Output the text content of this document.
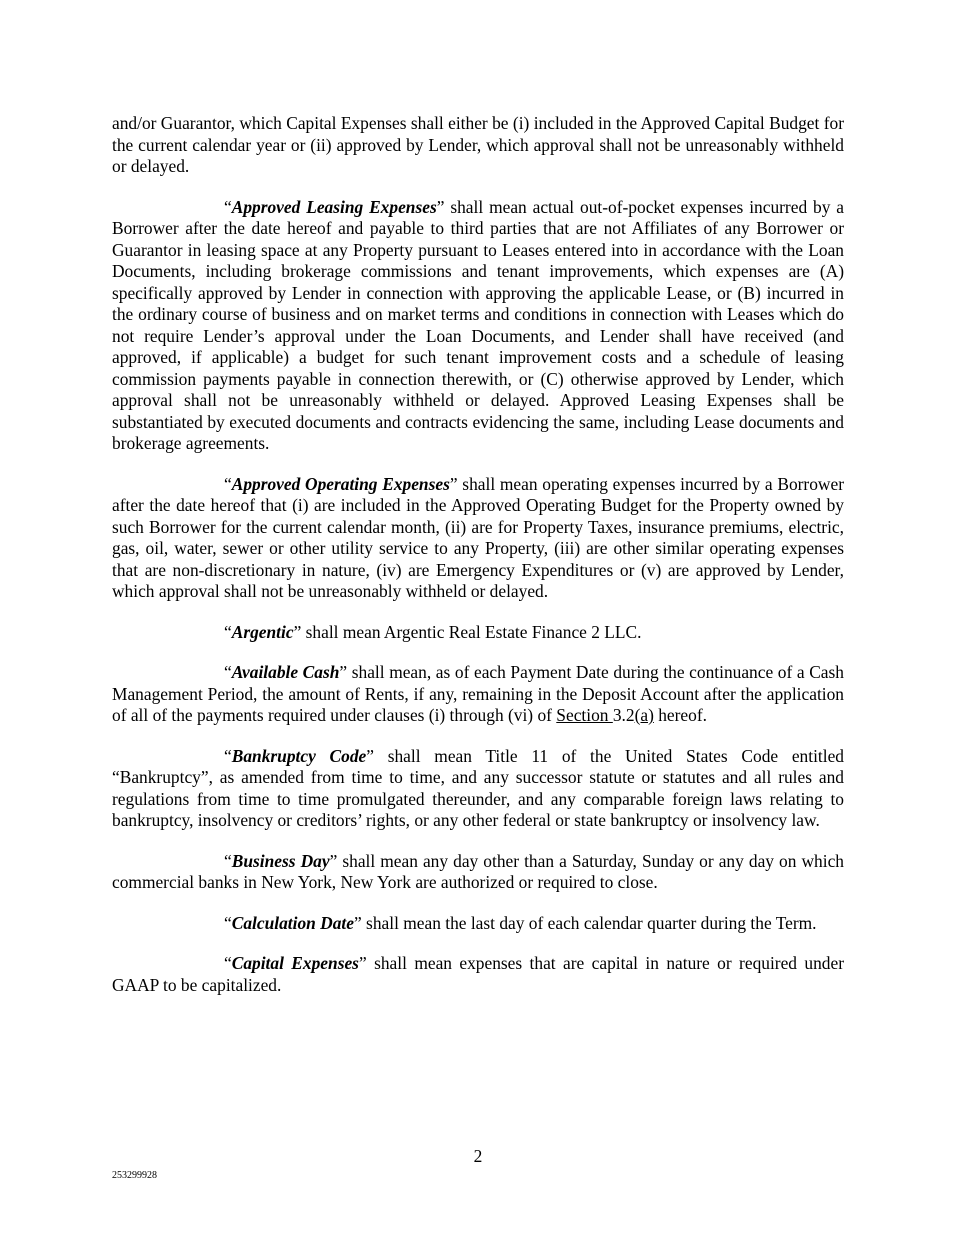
and/or Guarantor, which Capital Expenses shall either be (i) included in the Approved Capital Budget for the current calendar year or (ii) approved by Lender, which approval shall not be unreasonably withheld or delayed.

“Approved Leasing Expenses” shall mean actual out-of-pocket expenses incurred by a Borrower after the date hereof and payable to third parties that are not Affiliates of any Borrower or Guarantor in leasing space at any Property pursuant to Leases entered into in accordance with the Loan Documents, including brokerage commissions and tenant improvements, which expenses are (A) specifically approved by Lender in connection with approving the applicable Lease, or (B) incurred in the ordinary course of business and on market terms and conditions in connection with Leases which do not require Lender’s approval under the Loan Documents, and Lender shall have received (and approved, if applicable) a budget for such tenant improvement costs and a schedule of leasing commission payments payable in connection therewith, or (C) otherwise approved by Lender, which approval shall not be unreasonably withheld or delayed. Approved Leasing Expenses shall be substantiated by executed documents and contracts evidencing the same, including Lease documents and brokerage agreements.

“Approved Operating Expenses” shall mean operating expenses incurred by a Borrower after the date hereof that (i) are included in the Approved Operating Budget for the Property owned by such Borrower for the current calendar month, (ii) are for Property Taxes, insurance premiums, electric, gas, oil, water, sewer or other utility service to any Property, (iii) are other similar operating expenses that are non-discretionary in nature, (iv) are Emergency Expenditures or (v) are approved by Lender, which approval shall not be unreasonably withheld or delayed.

“Argentic” shall mean Argentic Real Estate Finance 2 LLC.

“Available Cash” shall mean, as of each Payment Date during the continuance of a Cash Management Period, the amount of Rents, if any, remaining in the Deposit Account after the application of all of the payments required under clauses (i) through (vi) of Section 3.2(a) hereof.

“Bankruptcy Code” shall mean Title 11 of the United States Code entitled “Bankruptcy”, as amended from time to time, and any successor statute or statutes and all rules and regulations from time to time promulgated thereunder, and any comparable foreign laws relating to bankruptcy, insolvency or creditors’ rights, or any other federal or state bankruptcy or insolvency law.

“Business Day” shall mean any day other than a Saturday, Sunday or any day on which commercial banks in New York, New York are authorized or required to close.

“Calculation Date” shall mean the last day of each calendar quarter during the Term.

“Capital Expenses” shall mean expenses that are capital in nature or required under GAAP to be capitalized.

2
253299928
